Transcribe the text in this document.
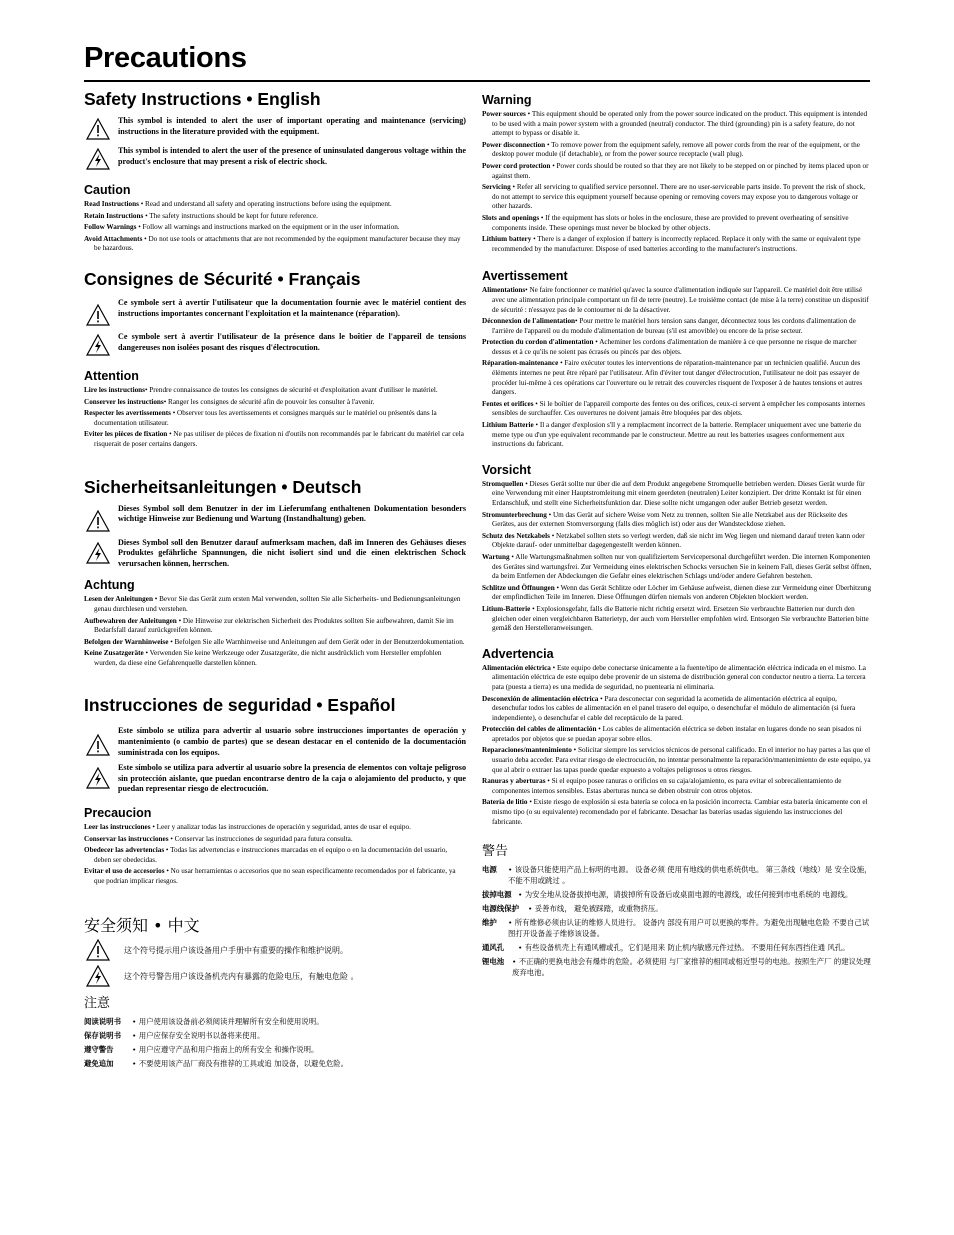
Precautions
Safety Instructions • English
This symbol is intended to alert the user of important operating and maintenance (servicing) instructions in the literature provided with the equipment.
This symbol is intended to alert the user of the presence of uninsulated dangerous voltage within the product's enclosure that may present a risk of electric shock.
Caution
Read Instructions • Read and understand all safety and operating instructions before using the equipment.
Retain Instructions • The safety instructions should be kept for future reference.
Follow Warnings • Follow all warnings and instructions marked on the equipment or in the user information.
Avoid Attachments • Do not use tools or attachments that are not recommended by the equipment manufacturer because they may be hazardous.
Consignes de Sécurité • Français
Ce symbole sert à avertir l'utilisateur que la documentation fournie avec le matériel contient des instructions importantes concernant l'exploitation et la maintenance (réparation).
Ce symbole sert à avertir l'utilisateur de la présence dans le boîtier de l'appareil de tensions dangereuses non isolées posant des risques d'électrocution.
Attention
Lire les instructions• Prendre connaissance de toutes les consignes de sécurité et d'exploitation avant d'utiliser le matériel.
Conserver les instructions• Ranger les consignes de sécurité afin de pouvoir les consulter à l'avenir.
Respecter les avertissements • Observer tous les avertissements et consignes marqués sur le matériel ou présentés dans la documentation utilisateur.
Eviter les pièces de fixation • Ne pas utiliser de pièces de fixation ni d'outils non recommandés par le fabricant du matériel car cela risquerait de poser certains dangers.
Sicherheitsanleitungen • Deutsch
Dieses Symbol soll dem Benutzer in der im Lieferumfang enthaltenen Dokumentation besonders wichtige Hinweise zur Bedienung und Wartung (Instandhaltung) geben.
Dieses Symbol soll den Benutzer darauf aufmerksam machen, daß im Inneren des Gehäuses dieses Produktes gefährliche Spannungen, die nicht isoliert sind und die einen elektrischen Schock verursachen können, herrschen.
Achtung
Lesen der Anleitungen • Bevor Sie das Gerät zum ersten Mal verwenden, sollten Sie alle Sicherheits- und Bedienungsanleitungen genau durchlesen und verstehen.
Aufbewahren der Anleitungen • Die Hinweise zur elektrischen Sicherheit des Produktes sollten Sie aufbewahren, damit Sie im Bedarfsfall darauf zurückgreifen können.
Befolgen der Warnhinweise • Befolgen Sie alle Warnhinweise und Anleitungen auf dem Gerät oder in der Benutzerdokumentation.
Keine Zusatzgeräte • Verwenden Sie keine Werkzeuge oder Zusatzgeräte, die nicht ausdrücklich vom Hersteller empfohlen wurden, da diese eine Gefahrenquelle darstellen können.
Instrucciones de seguridad • Español
Este símbolo se utiliza para advertir al usuario sobre instrucciones importantes de operación y mantenimiento (o cambio de partes) que se desean destacar en el contenido de la documentación suministrada con los equipos.
Este símbolo se utiliza para advertir al usuario sobre la presencia de elementos con voltaje peligroso sin protección aislante, que puedan encontrarse dentro de la caja o alojamiento del producto, y que puedan representar riesgo de electrocución.
Precaucion
Leer las instrucciones • Leer y analizar todas las instrucciones de operación y seguridad, antes de usar el equipo.
Conservar las instrucciones • Conservar las instrucciones de seguridad para futura consulta.
Obedecer las advertencias • Todas las advertencias e instrucciones marcadas en el equipo o en la documentación del usuario, deben ser obedecidas.
Evitar el uso de accesorios • No usar herramientas o accesorios que no sean especificamente recomendados por el fabricante, ya que podrian implicar riesgos.
安全须知 • 中文
这个符号提示用户该设备用户手册中有重要的操作和维护说明。
这个符号警告用户该设备机壳内有暴露的危险电压，有触电危险 。
注意
阅读说明书	• 用户使用该设备前必须阅读并理解所有安全和使用说明。
保存说明书	• 用户应保存安全说明书以备将来使用。
遵守警告	• 用户应遵守产品和用户指南上的所有安全 和操作说明。
避免追加	• 不要使用该产品厂商没有推荐的工具或追 加设备，以避免危险。
Warning
Power sources • This equipment should be operated only from the power source indicated on the product. This equipment is intended to be used with a main power system with a grounded (neutral) conductor. The third (grounding) pin is a safety feature, do not attempt to bypass or disable it.
Power disconnection • To remove power from the equipment safely, remove all power cords from the rear of the equipment, or the desktop power module (if detachable), or from the power source receptacle (wall plug).
Power cord protection • Power cords should be routed so that they are not likely to be stepped on or pinched by items placed upon or against them.
Servicing • Refer all servicing to qualified service personnel. There are no user-serviceable parts inside. To prevent the risk of shock, do not attempt to service this equipment yourself because opening or removing covers may expose you to dangerous voltage or other hazards.
Slots and openings • If the equipment has slots or holes in the enclosure, these are provided to prevent overheating of sensitive components inside. These openings must never be blocked by other objects.
Lithium battery • There is a danger of explosion if battery is incorrectly replaced. Replace it only with the same or equivalent type recommended by the manufacturer. Dispose of used batteries according to the manufacturer's instructions.
Avertissement
Alimentations• Ne faire fonctionner ce matériel qu'avec la source d'alimentation indiquée sur l'appareil. Ce matériel doit être utilisé avec une alimentation principale comportant un fil de terre (neutre). Le troisième contact (de mise à la terre) constitue un dispositif de sécurité : n'essayez pas de le contourner ni de la désactiver.
Déconnexion de l'alimentation• Pour mettre le matériel hors tension sans danger, déconnectez tous les cordons d'alimentation de l'arrière de l'appareil ou du module d'alimentation de bureau (s'il est amovible) ou encore de la prise secteur.
Protection du cordon d'alimentation • Acheminer les cordons d'alimentation de manière à ce que personne ne risque de marcher dessus et à ce qu'ils ne soient pas écrasés ou pincés par des objets.
Réparation-maintenance • Faire exécuter toutes les interventions de réparation-maintenance par un technicien qualifié. Aucun des éléments internes ne peut être réparé par l'utilisateur. Afin d'éviter tout danger d'électrocution, l'utilisateur ne doit pas essayer de procéder lui-même à ces opérations car l'ouverture ou le retrait des couvercles risquent de l'exposer à de hautes tensions et autres dangers.
Fentes et orifices • Si le boîtier de l'appareil comporte des fentes ou des orifices, ceux-ci servent à empêcher les composants internes sensibles de surchauffer. Ces ouvertures ne doivent jamais être bloquées par des objets.
Lithium Batterie • Il a danger d'explosion s'll y a remplacment incorrect de la batterie. Remplacer uniquement avec une batterie du meme type ou d'un ype equivalent recommande par le constructeur. Mettre au reut les batteries usagees conformement aux instructions du fabricant.
Vorsicht
Stromquellen • Dieses Gerät sollte nur über die auf dem Produkt angegebene Stromquelle betrieben werden. Dieses Gerät wurde für eine Verwendung mit einer Hauptstromleitung mit einem geerdeten (neutralen) Leiter konzipiert. Der dritte Kontakt ist für einen Erdanschluß, und stellt eine Sicherheitsfunktion dar. Diese sollte nicht umgangen oder außer Betrieb gesetzt werden.
Stromunterbrechung • Um das Gerät auf sichere Weise vom Netz zu trennen, sollten Sie alle Netzkabel aus der Rückseite des Gerätes, aus der externen Stomversorgung (falls dies möglich ist) oder aus der Wandsteckdose ziehen.
Schutz des Netzkabels • Netzkabel sollten stets so verlegt werden, daß sie nicht im Weg liegen und niemand darauf treten kann oder Objekte darauf- oder unmittelbar dagegengestellt werden können.
Wartung • Alle Wartungsmaßnahmen sollten nur von qualifiziertem Servicepersonal durchgeführt werden. Die internen Komponenten des Gerätes sind wartungsfrei. Zur Vermeidung eines elektrischen Schocks versuchen Sie in keinem Fall, dieses Gerät selbst öffnen, da beim Entfernen der Abdeckungen die Gefahr eines elektrischen Schlags und/oder andere Gefahren bestehen.
Schlitze und Öffnungen • Wenn das Gerät Schlitze oder Löcher im Gehäuse aufweist, dienen diese zur Vermeidung einer Überhitzung der empfindlichen Teile im Inneren. Diese Öffnungen dürfen niemals von anderen Objekten blockiert werden.
Litium-Batterie • Explosionsgefahr, falls die Batterie nicht richtig ersetzt wird. Ersetzen Sie verbrauchte Batterien nur durch den gleichen oder einen vergleichbaren Batterietyp, der auch vom Hersteller empfohlen wird. Entsorgen Sie verbrauchte Batterien bitte gemäß den Herstelleranweisungen.
Advertencia
Alimentación eléctrica • Este equipo debe conectarse únicamente a la fuente/tipo de alimentación eléctrica indicada en el mismo. La alimentación eléctrica de este equipo debe provenir de un sistema de distribución general con conductor neutro a tierra. La tercera pata (puesta a tierra) es una medida de seguridad, no puentearia ni eliminaria.
Desconexión de alimentación eléctrica • Para desconectar con seguridad la acometida de alimentación eléctrica al equipo, desenchufar todos los cables de alimentación en el panel trasero del equipo, o desenchufar el módulo de alimentación (si fuera independiente), o desenchufar el cable del receptáculo de la pared.
Protección del cables de alimentación • Los cables de alimentación eléctrica se deben instalar en lugares donde no sean pisados ni apretados por objetos que se puedan apoyar sobre ellos.
Reparaciones/mantenimiento • Solicitar siempre los servicios técnicos de personal calificado. En el interior no hay partes a las que el usuario deba acceder. Para evitar riesgo de electrocución, no intentar personalmente la reparación/mantenimiento de este equipo, ya que al abrir o extraer las tapas puede quedar expuesto a voltajes peligrosos u otros riesgos.
Ranuras y aberturas • Si el equipo posee ranuras o orificios en su caja/alojamiento, es para evitar el sobrecalientamiento de componentes internos sensibles. Estas aberturas nunca se deben obstruir con otros objetos.
Batería de litio • Existe riesgo de explosión si esta batería se coloca en la posición incorrecta. Cambiar esta batería únicamente con el mismo tipo (o su equivalente) recomendado por el fabricante. Desachar las baterías usadas siguiendo las instrucciones del fabricante.
警告
电源	• 该设备只能使用产品上标明的电源。 设备必须 使用有地线的供电系统供电。 第三条线（地线）是 安全设施，不能不用或跳过 。
拔掉电源 • 为安全地从设备拔掉电源，请拔掉所有设备后或桌面电源的电源线，或任何接到市电系统的 电源线。
电源线保护	• 妥善布线， 避免被踩踏，或重物挤压。
维护	• 所有维修必须由认证的维修人员进行。 设备内 部没有用户可以更换的零件。为避免出现触电危险 不要自己试图打开设备盖子维修该设备。
通风孔	• 有些设备机壳上有通风槽或孔，它们是用来 防止机内敏感元件过热。 不要用任何东西挡住通 风孔。
锂电池	• 不正确的更换电池会有爆炸的危险。必须使用 与厂家推荐的相同或相近型号的电池。按照生产厂 的建议处理废弃电池。
